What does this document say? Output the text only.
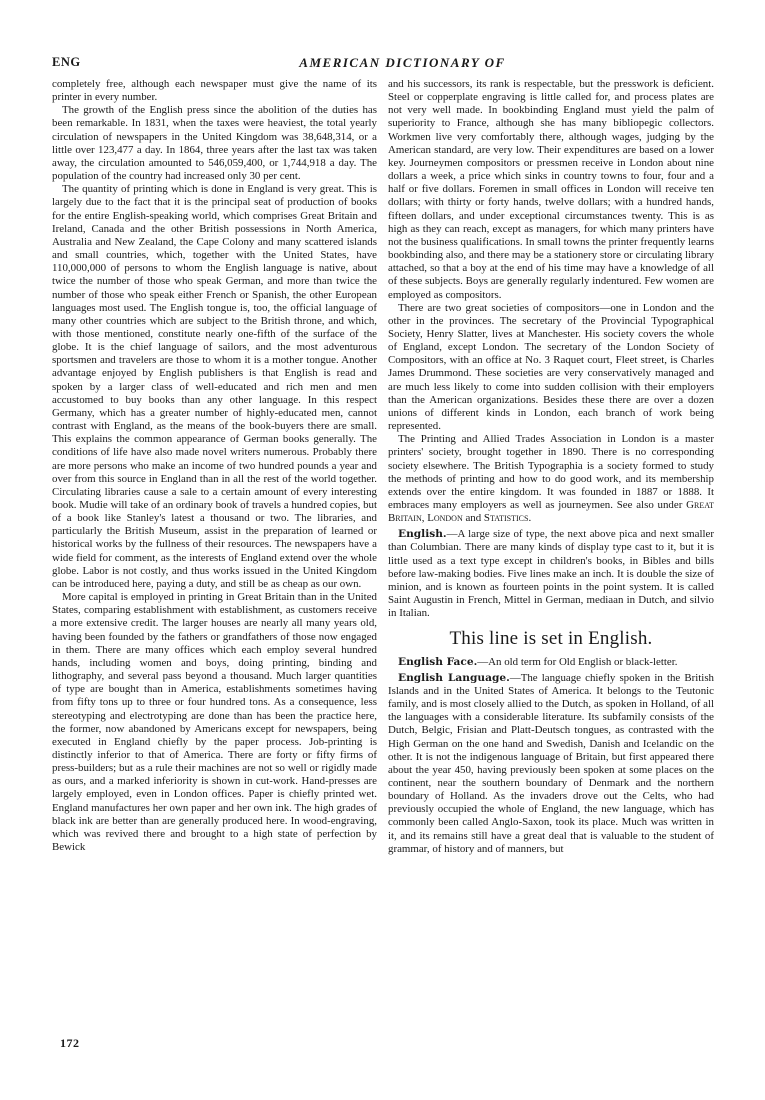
ENG	AMERICAN DICTIONARY OF

completely free, although each newspaper must give the name of its printer in every number.

The growth of the English press since the abolition of the duties has been remarkable. In 1831, when the taxes were heaviest, the total yearly circulation of newspapers in the United Kingdom was 38,648,314, or a little over 123,477 a day. In 1864, three years after the last tax was taken away, the circulation amounted to 546,059,400, or 1,744,918 a day. The population of the country had increased only 30 per cent.

The quantity of printing which is done in England is very great. This is largely due to the fact that it is the principal seat of production of books for the entire English-speaking world, which comprises Great Britain and Ireland, Canada and the other British possessions in North America, Australia and New Zealand, the Cape Colony and many scattered islands and small countries, which, together with the United States, have 110,000,000 of persons to whom the English language is native, about twice the number of those who speak German, and more than twice the number of those who speak either French or Spanish, the other European languages most used. The English tongue is, too, the official language of many other countries which are subject to the British throne, and which, with those mentioned, constitute nearly one-fifth of the surface of the globe. It is the chief language of sailors, and the most adventurous sportsmen and travelers are those to whom it is a mother tongue. Another advantage enjoyed by English publishers is that English is read and spoken by a larger class of well-educated and rich men and men accustomed to buy books than any other language. In this respect Germany, which has a greater number of highly-educated men, cannot contrast with England, as the means of the book-buyers there are small. This explains the common appearance of German books generally. The conditions of life have also made novel writers numerous. Probably there are more persons who make an income of two hundred pounds a year and over from this source in England than in all the rest of the world together. Circulating libraries cause a sale to a certain amount of every interesting book. Mudie will take of an ordinary book of travels a hundred copies, but of a book like Stanley's latest a thousand or two. The libraries, and particularly the British Museum, assist in the preparation of learned or historical works by the fullness of their resources. The newspapers have a wide field for comment, as the interests of England extend over the whole globe. Labor is not costly, and thus works issued in the United Kingdom can be introduced here, paying a duty, and still be as cheap as our own.

More capital is employed in printing in Great Britain than in the United States, comparing establishment with establishment, as customers receive a more extensive credit. The larger houses are nearly all many years old, having been founded by the fathers or grandfathers of those now engaged in them. There are many offices which each employ several hundred hands, including women and boys, doing printing, binding and lithography, and several pass beyond a thousand. Much larger quantities of type are bought than in America, establishments sometimes having from fifty tons up to three or four hundred tons. As a consequence, less stereotyping and electrotyping are done than has been the practice here, the former, now abandoned by Americans except for newspapers, being executed in England chiefly by the paper process. Job-printing is distinctly inferior to that of America. There are forty or fifty firms of press-builders; but as a rule their machines are not so well or rigidly made as ours, and a marked inferiority is shown in cut-work. Hand-presses are largely employed, even in London offices. Paper is chiefly printed wet. England manufactures her own paper and her own ink. The high grades of black ink are better than are generally produced here. In wood-engraving, which was revived there and brought to a high state of perfection by Bewick

and his successors, its rank is respectable, but the presswork is deficient. Steel or copperplate engraving is little called for, and process plates are not very well made. In bookbinding England must yield the palm of superiority to France, although she has many bibliopegic collectors. Workmen live very comfortably there, although wages, judging by the American standard, are very low. Their expenditures are based on a lower key. Journeymen compositors or pressmen receive in London about nine dollars a week, a price which sinks in country towns to four, four and a half or five dollars. Foremen in small offices in London will receive ten dollars; with thirty or forty hands, twelve dollars; with a hundred hands, fifteen dollars, and under exceptional circumstances twenty. This is as high as they can reach, except as managers, for which many printers have not the business qualifications. In small towns the printer frequently learns bookbinding also, and there may be a stationery store or circulating library attached, so that a boy at the end of his time may have a knowledge of all of these subjects. Boys are generally regularly indentured. Few women are employed as compositors.

There are two great societies of compositors—one in London and the other in the provinces. The secretary of the Provincial Typographical Society, Henry Slatter, lives at Manchester. His society covers the whole of England, except London. The secretary of the London Society of Compositors, with an office at No. 3 Raquet court, Fleet street, is Charles James Drummond. These societies are very conservatively managed and are much less likely to come into sudden collision with their employers than the American organizations. Besides these there are over a dozen unions of different kinds in London, each branch of work being represented.

The Printing and Allied Trades Association in London is a master printers' society, brought together in 1890. There is no corresponding society elsewhere. The British Typographia is a society formed to study the methods of printing and how to do good work, and its membership extends over the entire kingdom. It was founded in 1887 or 1888. It embraces many employers as well as journeymen. See also under Great Britain, London and Statistics.

English.—A large size of type, the next above pica and next smaller than Columbian. There are many kinds of display type cast to it, but it is little used as a text type except in children's books, in Bibles and bills before law-making bodies. Five lines make an inch. It is double the size of minion, and is known as fourteen points in the point system. It is called Saint Augustin in French, Mittel in German, mediaan in Dutch, and silvio in Italian.

This line is set in English.

English Face.—An old term for Old English or black-letter.

English Language.—The language chiefly spoken in the British Islands and in the United States of America. It belongs to the Teutonic family, and is most closely allied to the Dutch, as spoken in Holland, of all the languages with a considerable literature. Its subfamily consists of the Dutch, Belgic, Frisian and Platt-Deutsch tongues, as contrasted with the High German on the one hand and Swedish, Danish and Icelandic on the other. It is not the indigenous language of Britain, but first appeared there about the year 450, having previously been spoken at some places on the continent, near the southern boundary of Denmark and the northern boundary of Holland. As the invaders drove out the Celts, who had previously occupied the whole of England, the new language, which has commonly been called Anglo-Saxon, took its place. Much was written in it, and its remains still have a great deal that is valuable to the student of grammar, of history and of manners, but

172
